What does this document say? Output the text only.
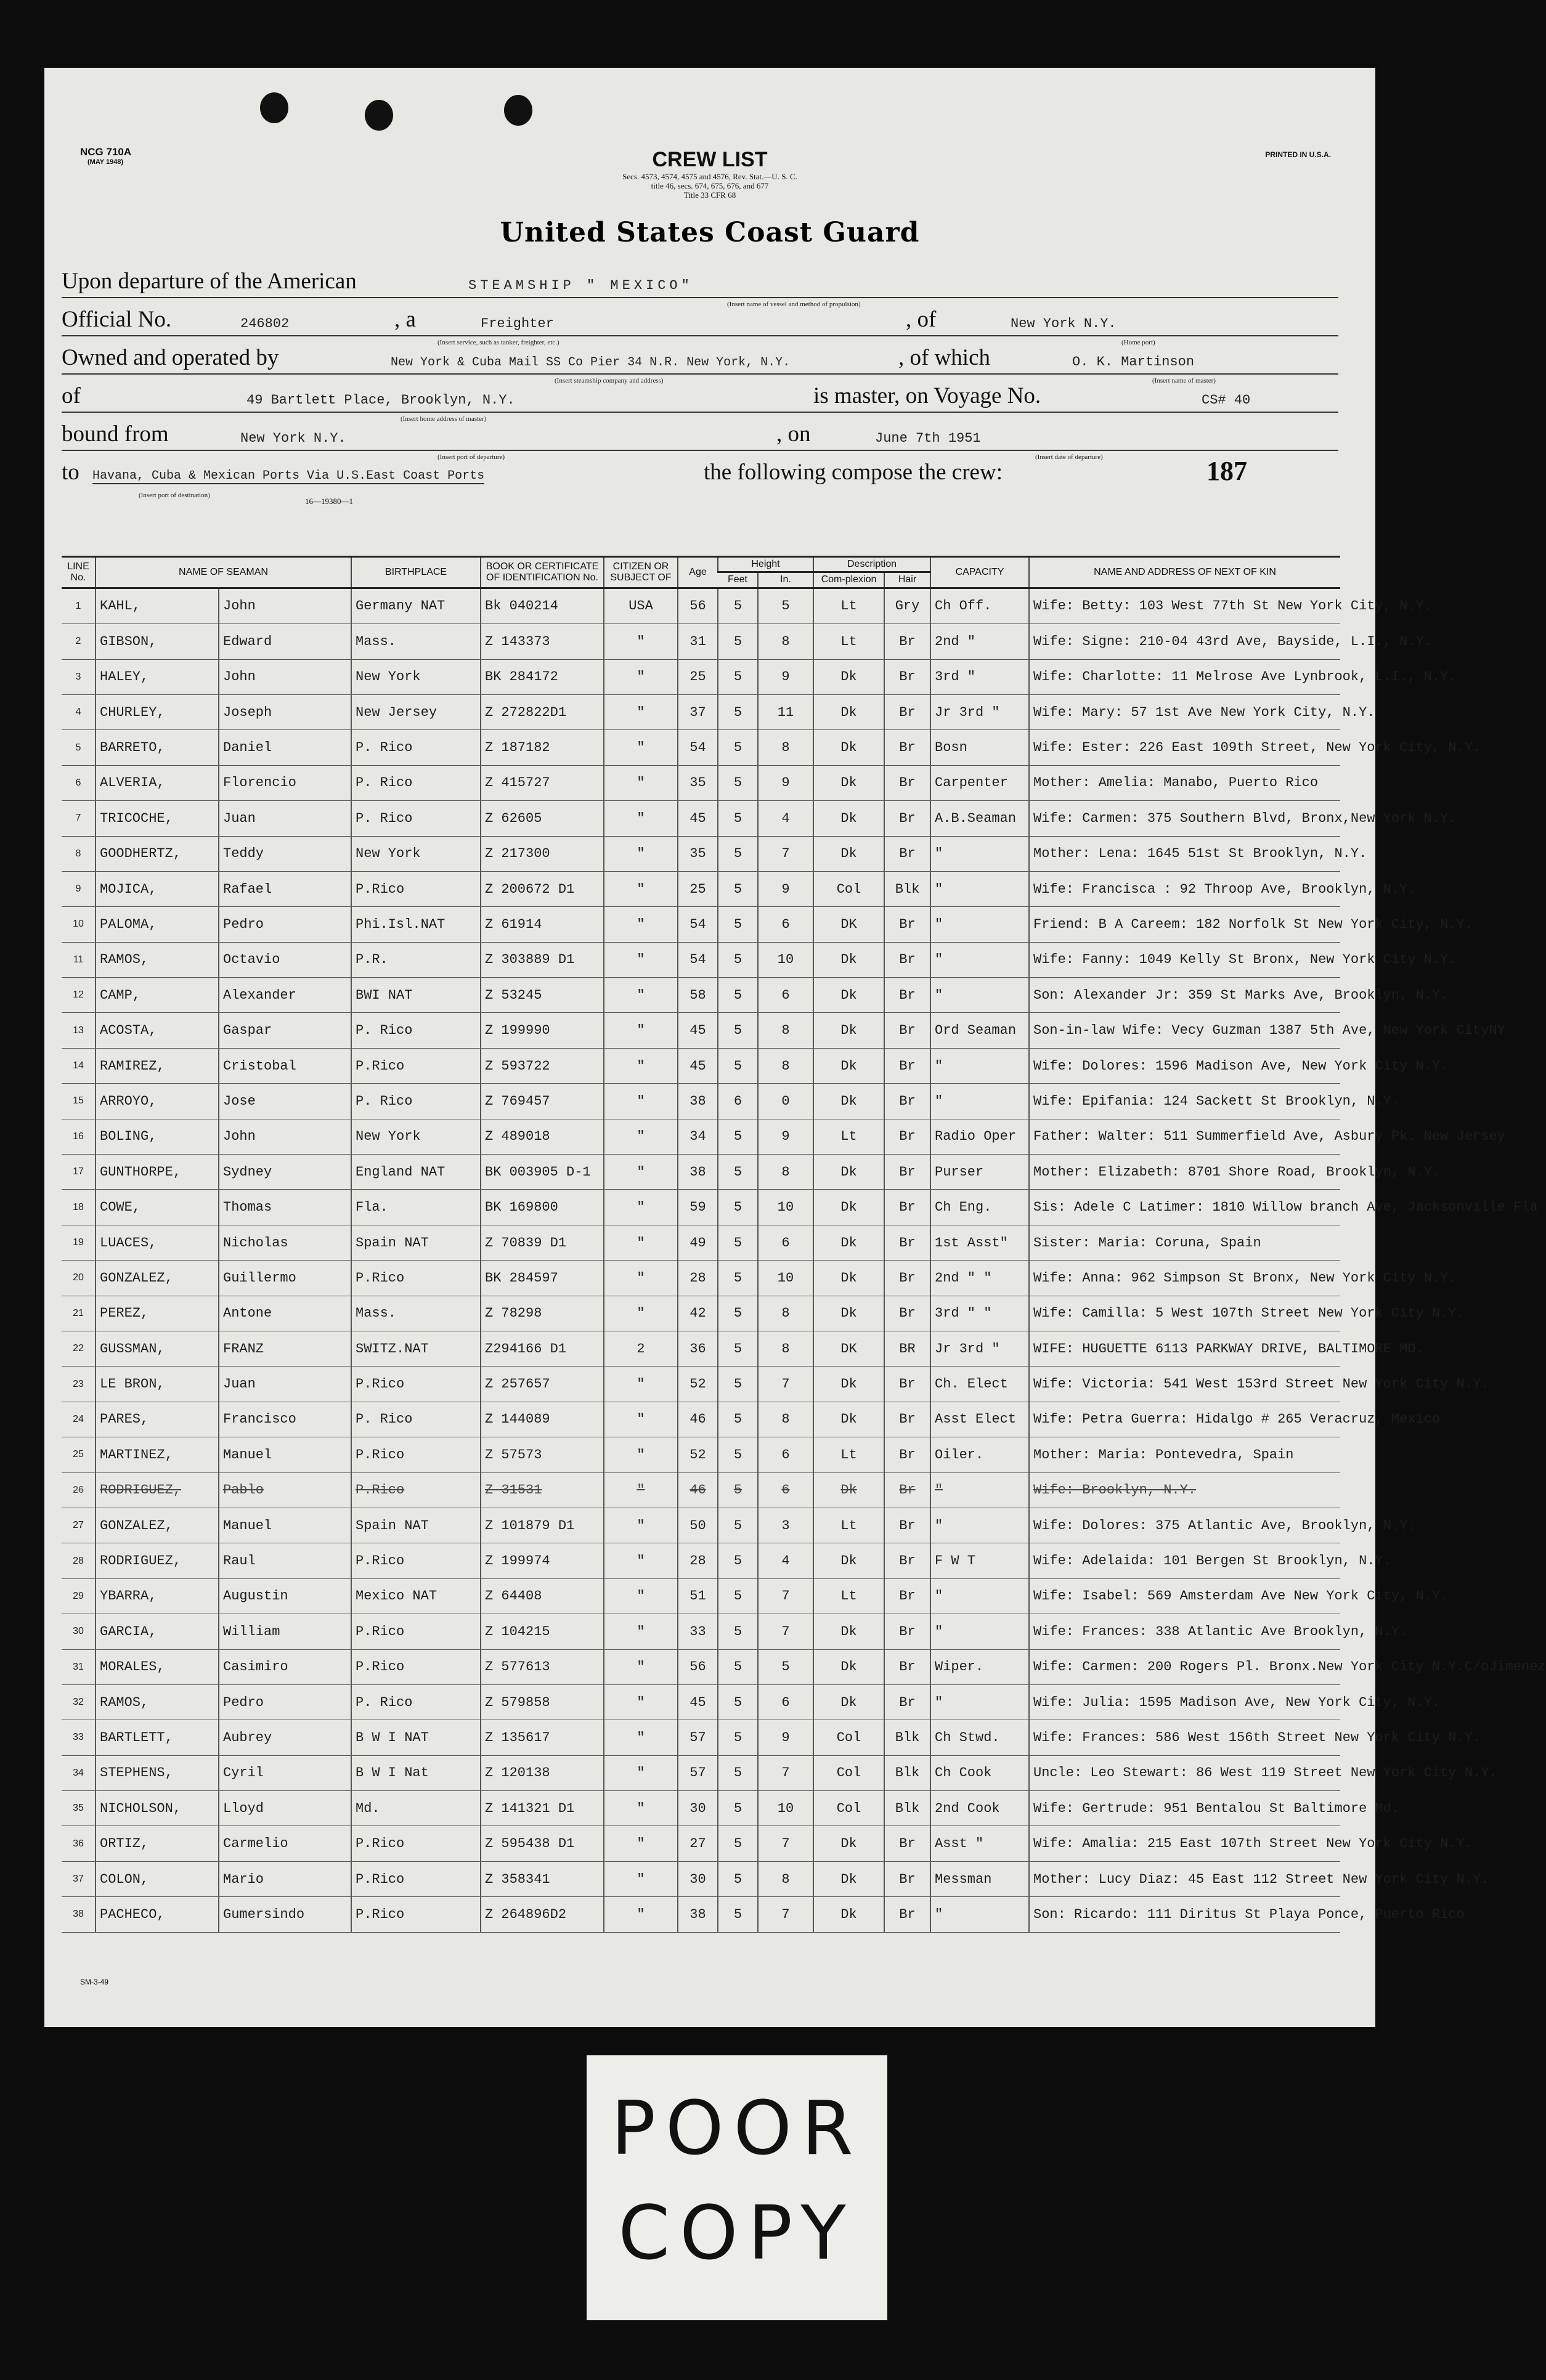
NCG 710A
(MAY 1948)
PRINTED IN U.S.A.
CREW LIST
Secs. 4573, 4574, 4575 and 4576, Rev. Stat.—U. S. C.
title 46, secs. 674, 675, 676, and 677
Title 33 CFR 68
United States Coast Guard
Upon departure of the American	STEAMSHIP " MEXICO"
(Insert name of vessel and method of propulsion)
Official No.	246802	, a	Freighter	, of	New York N.Y.
(Insert service, such as tanker, freighter, etc.)	(Home port)
Owned and operated by	New York & Cuba Mail SS Co Pier 34 N.R. New York, N.Y.	, of which	O. K. Martinson
(Insert steamship company and address)	(Insert name of master)
of	49 Bartlett Place, Brooklyn, N.Y.	is master, on Voyage No.	CS# 40
(Insert home address of master)
bound from	New York N.Y.	, on	June 7th 1951
(Insert port of departure)	(Insert date of departure)
to Havana, Cuba & Mexican Ports Via U.S.East Coast Ports	the following compose the crew:	187
(Insert port of destination)
16—19380—1
LINE No.	NAME OF SEAMAN		BIRTHPLACE	BOOK OR CERTIFICATE OF IDENTIFICATION No.	CITIZEN OR SUBJECT OF	Age	Height		Description		CAPACITY	NAME AND ADDRESS OF NEXT OF KIN
							Feet	In.	Com-plexion	Hair		
1	KAHL,	John	Germany NAT	Bk 040214	USA	56	5	5	Lt	Gry	Ch Off.	Wife: Betty: 103 West 77th St New York City, N.Y.
2	GIBSON,	Edward	Mass.	Z 143373	"	31	5	8	Lt	Br	2nd "	Wife: Signe: 210-04 43rd Ave, Bayside, L.I., N.Y.
3	HALEY,	John	New York	BK 284172	"	25	5	9	Dk	Br	3rd "	Wife: Charlotte: 11 Melrose Ave Lynbrook, L.I., N.Y.
4	CHURLEY,	Joseph	New Jersey	Z 272822D1	"	37	5	11	Dk	Br	Jr 3rd "	Wife: Mary: 57 1st Ave New York City, N.Y.
5	BARRETO,	Daniel	P. Rico	Z 187182	"	54	5	8	Dk	Br	Bosn	Wife: Ester: 226 East 109th Street, New York City, N.Y.
6	ALVERIA,	Florencio	P. Rico	Z 415727	"	35	5	9	Dk	Br	Carpenter	Mother: Amelia: Manabo, Puerto Rico
7	TRICOCHE,	Juan	P. Rico	Z 62605	"	45	5	4	Dk	Br	A.B.Seaman	Wife: Carmen: 375 Southern Blvd, Bronx,New York N.Y.
8	GOODHERTZ,	Teddy	New York	Z 217300	"	35	5	7	Dk	Br	"	Mother: Lena: 1645 51st St Brooklyn, N.Y.
9	MOJICA,	Rafael	P.Rico	Z 200672 D1	"	25	5	9	Col	Blk	"	Wife: Francisca : 92 Throop Ave, Brooklyn, N.Y.
10	PALOMA,	Pedro	Phi.Isl.NAT	Z 61914	"	54	5	6	DK	Br	"	Friend: B A Careem: 182 Norfolk St New York City, N.Y.
11	RAMOS,	Octavio	P.R.	Z 303889 D1	"	54	5	10	Dk	Br	"	Wife: Fanny: 1049 Kelly St Bronx, New York City N.Y.
12	CAMP,	Alexander	BWI NAT	Z 53245	"	58	5	6	Dk	Br	"	Son: Alexander Jr: 359 St Marks Ave, Brooklyn, N.Y.
13	ACOSTA,	Gaspar	P. Rico	Z 199990	"	45	5	8	Dk	Br	Ord Seaman	Son-in-law Wife: Vecy Guzman 1387 5th Ave, New York CityNY
14	RAMIREZ,	Cristobal	P.Rico	Z 593722	"	45	5	8	Dk	Br	"	Wife: Dolores: 1596 Madison Ave, New York City N.Y.
15	ARROYO,	Jose	P. Rico	Z 769457	"	38	6	0	Dk	Br	"	Wife: Epifania: 124 Sackett St Brooklyn, N.Y.
16	BOLING,	John	New York	Z 489018	"	34	5	9	Lt	Br	Radio Oper	Father: Walter: 511 Summerfield Ave, Asbury Pk. New Jersey
17	GUNTHORPE,	Sydney	England NAT	BK 003905 D-1	"	38	5	8	Dk	Br	Purser	Mother: Elizabeth: 8701 Shore Road, Brooklyn, N.Y.
18	COWE,	Thomas	Fla.	BK 169800	"	59	5	10	Dk	Br	Ch Eng.	Sis: Adele C Latimer: 1810 Willow branch Ave, Jacksonville Fla
19	LUACES,	Nicholas	Spain NAT	Z 70839 D1	"	49	5	6	Dk	Br	1st Asst"	Sister: Maria: Coruna, Spain
20	GONZALEZ,	Guillermo	P.Rico	BK 284597	"	28	5	10	Dk	Br	2nd " "	Wife: Anna: 962 Simpson St Bronx, New York City N.Y.
21	PEREZ,	Antone	Mass.	Z 78298	"	42	5	8	Dk	Br	3rd " "	Wife: Camilla: 5 West 107th Street New York City N.Y.
22	GUSSMAN,	FRANZ	SWITZ.NAT	Z294166 D1	2	36	5	8	DK	BR	Jr 3rd "	WIFE: HUGUETTE 6113 PARKWAY DRIVE, BALTIMORE MD.
23	LE BRON,	Juan	P.Rico	Z 257657	"	52	5	7	Dk	Br	Ch. Elect	Wife: Victoria: 541 West 153rd Street New York City N.Y.
24	PARES,	Francisco	P. Rico	Z 144089	"	46	5	8	Dk	Br	Asst Elect	Wife: Petra Guerra: Hidalgo # 265 Veracruz, Mexico
25	MARTINEZ,	Manuel	P.Rico	Z 57573	"	52	5	6	Lt	Br	Oiler.	Mother: Maria: Pontevedra, Spain
26	RODRIGUEZ,	Pablo	P.Rico	Z 31531	"	46	5	6	Dk	Br	"	Wife: Brooklyn, N.Y.
27	GONZALEZ,	Manuel	Spain NAT	Z 101879 D1	"	50	5	3	Lt	Br	"	Wife: Dolores: 375 Atlantic Ave, Brooklyn, N.Y.
28	RODRIGUEZ,	Raul	P.Rico	Z 199974	"	28	5	4	Dk	Br	F W T	Wife: Adelaida: 101 Bergen St Brooklyn, N.Y.
29	YBARRA,	Augustin	Mexico NAT	Z 64408	"	51	5	7	Lt	Br	"	Wife: Isabel: 569 Amsterdam Ave New York City, N.Y.
30	GARCIA,	William	P.Rico	Z 104215	"	33	5	7	Dk	Br	"	Wife: Frances: 338 Atlantic Ave Brooklyn, N.Y.
31	MORALES,	Casimiro	P.Rico	Z 577613	"	56	5	5	Dk	Br	Wiper.	Wife: Carmen: 200 Rogers Pl. Bronx.New York City N.Y.C/oJimenez
32	RAMOS,	Pedro	P. Rico	Z 579858	"	45	5	6	Dk	Br	"	Wife: Julia: 1595 Madison Ave, New York City, N.Y.
33	BARTLETT,	Aubrey	B W I NAT	Z 135617	"	57	5	9	Col	Blk	Ch Stwd.	Wife: Frances: 586 West 156th Street New York City N.Y.
34	STEPHENS,	Cyril	B W I Nat	Z 120138	"	57	5	7	Col	Blk	Ch Cook	Uncle: Leo Stewart: 86 West 119 Street New York City N.Y.
35	NICHOLSON,	Lloyd	Md.	Z 141321 D1	"	30	5	10	Col	Blk	2nd Cook	Wife: Gertrude: 951 Bentalou St Baltimore Md.
36	ORTIZ,	Carmelio	P.Rico	Z 595438 D1	"	27	5	7	Dk	Br	Asst "	Wife: Amalia: 215 East 107th Street New York City N.Y.
37	COLON,	Mario	P.Rico	Z 358341	"	30	5	8	Dk	Br	Messman	Mother: Lucy Diaz: 45 East 112 Street New York City N.Y.
38	PACHECO,	Gumersindo	P.Rico	Z 264896D2	"	38	5	7	Dk	Br	"	Son: Ricardo: 111 Diritus St Playa Ponce, Puerto Rico
SM-3-49
POOR
COPY
